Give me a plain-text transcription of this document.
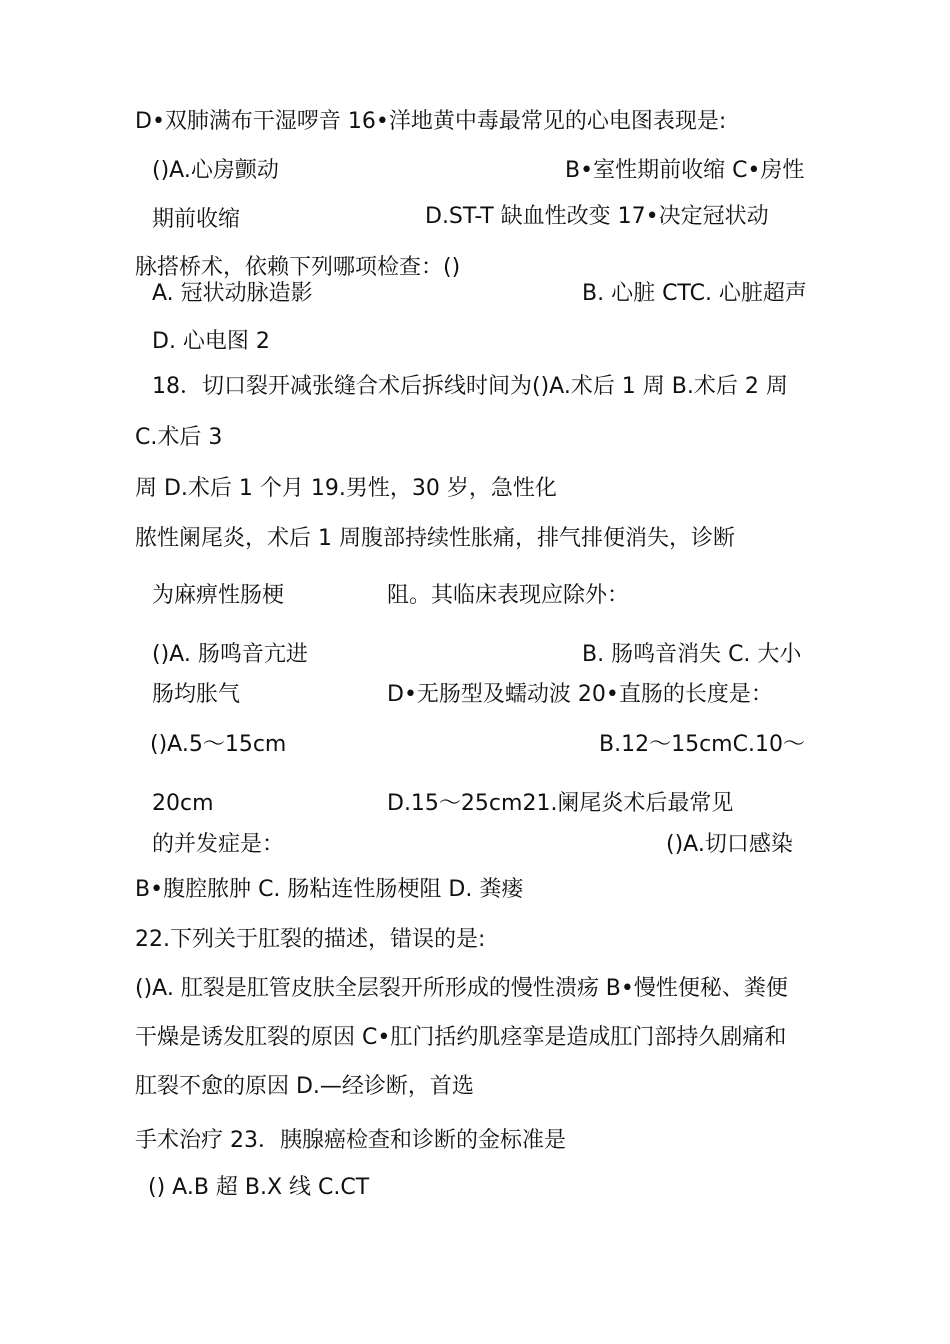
D•双肺满布干湿啰音 16•洋地黄中毒最常见的心电图表现是:
()A.心房颤动	B•室性期前收缩 C•房性
期前收缩	D.ST-T 缺血性改变 17•决定冠状动
脉搭桥术，依赖下列哪项检查：()
A. 冠状动脉造影	B. 心脏 CTC. 心脏超声
D. 心电图 2
18．切口裂开减张缝合术后拆线时间为()A.术后 1 周 B.术后 2 周
C.术后 3
周 D.术后 1 个月 19.男性，30 岁，急性化
脓性阑尾炎，术后 1 周腹部持续性胀痛，排气排便消失，诊断
为麻痹性肠梗	阻。其临床表现应除外：
()A. 肠鸣音亢进	B. 肠鸣音消失 C. 大小
肠均胀气	D•无肠型及蠕动波 20•直肠的长度是：
()A.5〜15cm	B.12〜15cmC.10〜
20cm	D.15〜25cm21.阑尾炎术后最常见
的并发症是：	()A.切口感染
B•腹腔脓肿 C. 肠粘连性肠梗阻 D. 粪瘘
22.下列关于肛裂的描述，错误的是:
()A. 肛裂是肛管皮肤全层裂开所形成的慢性溃疡 B•慢性便秘、粪便
干燥是诱发肛裂的原因 C•肛门括约肌痉挛是造成肛门部持久剧痛和
肛裂不愈的原因 D.—经诊断，首选
手术治疗 23．胰腺癌检查和诊断的金标准是
() A.B 超 B.X 线 C.CT
